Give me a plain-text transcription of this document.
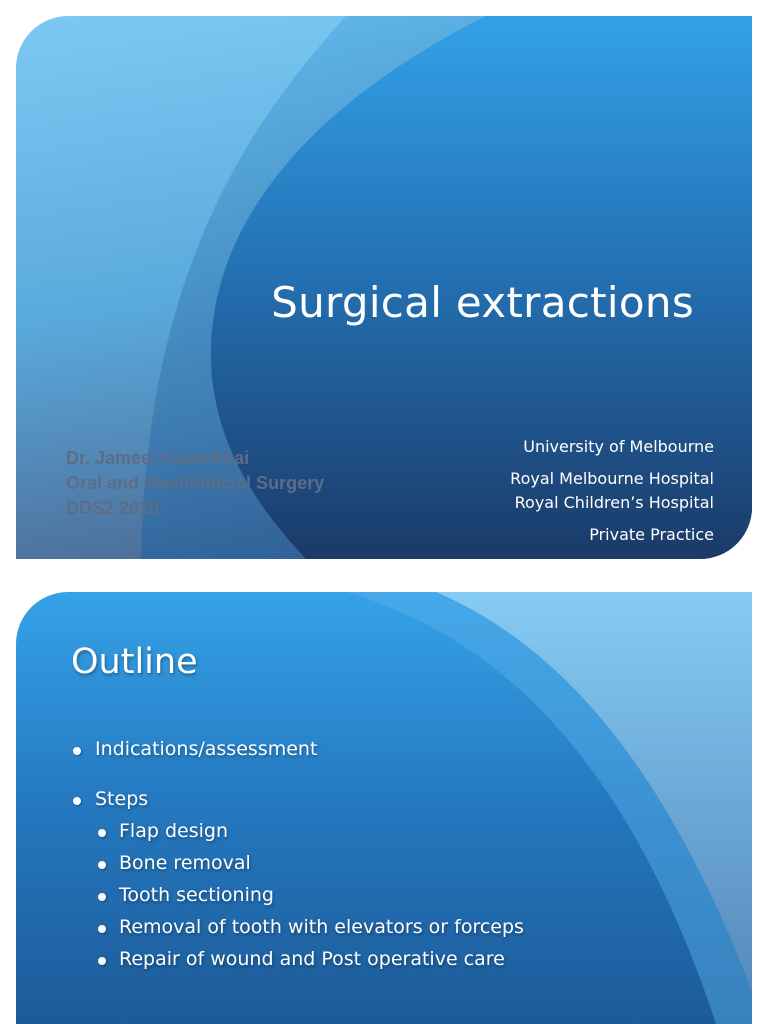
Surgical extractions
Dr. Jameel Kaderbhai
Oral and Maxillofacial Surgery
DDS2 2020
University of Melbourne
Royal Melbourne Hospital
Royal Children’s Hospital
Private Practice
Outline
Indications/assessment
Steps
Flap design
Bone removal
Tooth sectioning
Removal of tooth with elevators or forceps
Repair of wound and Post operative care
